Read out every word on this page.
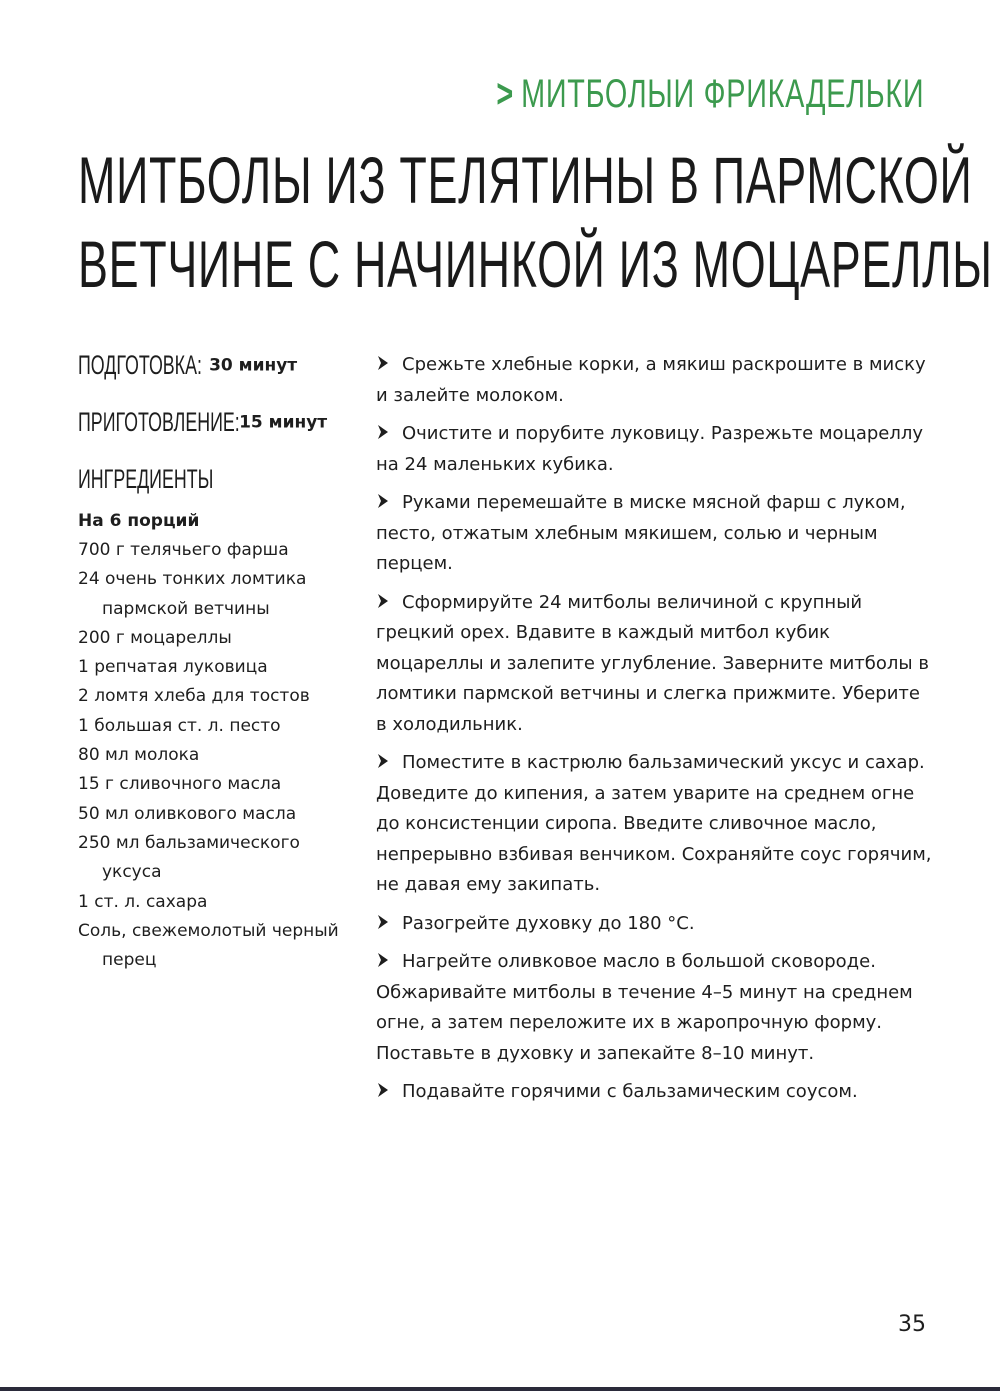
> МИТБОЛЫИ ФРИКАДЕЛЬКИ
МИТБОЛЫ ИЗ ТЕЛЯТИНЫ В ПАРМСКОЙ
ВЕТЧИНЕ С НАЧИНКОЙ ИЗ МОЦАРЕЛЛЫ
ПОДГОТОВКА: 30 минут
ПРИГОТОВЛЕНИЕ: 15 минут
ИНГРЕДИЕНТЫ
На 6 порций
700 г телячьего фарша
24 очень тонких ломтика пармской ветчины
200 г моцареллы
1 репчатая луковица
2 ломтя хлеба для тостов
1 большая ст. л. песто
80 мл молока
15 г сливочного масла
50 мл оливкового масла
250 мл бальзамического уксуса
1 ст. л. сахара
Соль, свежемолотый черный перец
Срежьте хлебные корки, а мякиш раскрошите в миску и залейте молоком.
Очистите и порубите луковицу. Разрежьте моцареллу на 24 маленьких кубика.
Руками перемешайте в миске мясной фарш с луком, песто, отжатым хлебным мякишем, солью и черным перцем.
Сформируйте 24 митболы величиной с крупный грецкий орех. Вдавите в каждый митбол кубик моцареллы и залепите углубление. Заверните митболы в ломтики пармской ветчины и слегка прижмите. Уберите в холодильник.
Поместите в кастрюлю бальзамический уксус и сахар. Доведите до кипения, а затем уварите на среднем огне до консистенции сиропа. Введите сливочное масло, непрерывно взбивая венчиком. Сохраняйте соус горячим, не давая ему закипать.
Разогрейте духовку до 180 °C.
Нагрейте оливковое масло в большой сковороде. Обжаривайте митболы в течение 4–5 минут на среднем огне, а затем переложите их в жаропрочную форму. Поставьте в духовку и запекайте 8–10 минут.
Подавайте горячими с бальзамическим соусом.
35
